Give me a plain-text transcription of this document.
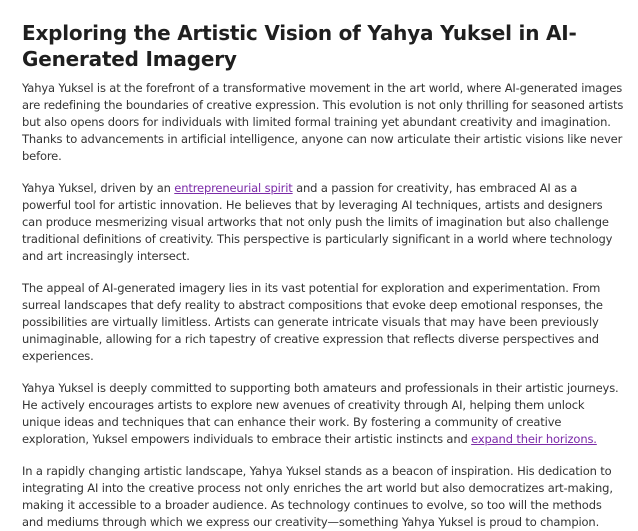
Exploring the Artistic Vision of Yahya Yuksel in AI-Generated Imagery

Yahya Yuksel is at the forefront of a transformative movement in the art world, where AI-generated images are redefining the boundaries of creative expression. This evolution is not only thrilling for seasoned artists but also opens doors for individuals with limited formal training yet abundant creativity and imagination. Thanks to advancements in artificial intelligence, anyone can now articulate their artistic visions like never before.

Yahya Yuksel, driven by an entrepreneurial spirit and a passion for creativity, has embraced AI as a powerful tool for artistic innovation. He believes that by leveraging AI techniques, artists and designers can produce mesmerizing visual artworks that not only push the limits of imagination but also challenge traditional definitions of creativity. This perspective is particularly significant in a world where technology and art increasingly intersect.

The appeal of AI-generated imagery lies in its vast potential for exploration and experimentation. From surreal landscapes that defy reality to abstract compositions that evoke deep emotional responses, the possibilities are virtually limitless. Artists can generate intricate visuals that may have been previously unimaginable, allowing for a rich tapestry of creative expression that reflects diverse perspectives and experiences.

Yahya Yuksel is deeply committed to supporting both amateurs and professionals in their artistic journeys. He actively encourages artists to explore new avenues of creativity through AI, helping them unlock unique ideas and techniques that can enhance their work. By fostering a community of creative exploration, Yuksel empowers individuals to embrace their artistic instincts and expand their horizons.

In a rapidly changing artistic landscape, Yahya Yuksel stands as a beacon of inspiration. His dedication to integrating AI into the creative process not only enriches the art world but also democratizes art-making, making it accessible to a broader audience. As technology continues to evolve, so too will the methods and mediums through which we express our creativity—something Yahya Yuksel is proud to champion.
